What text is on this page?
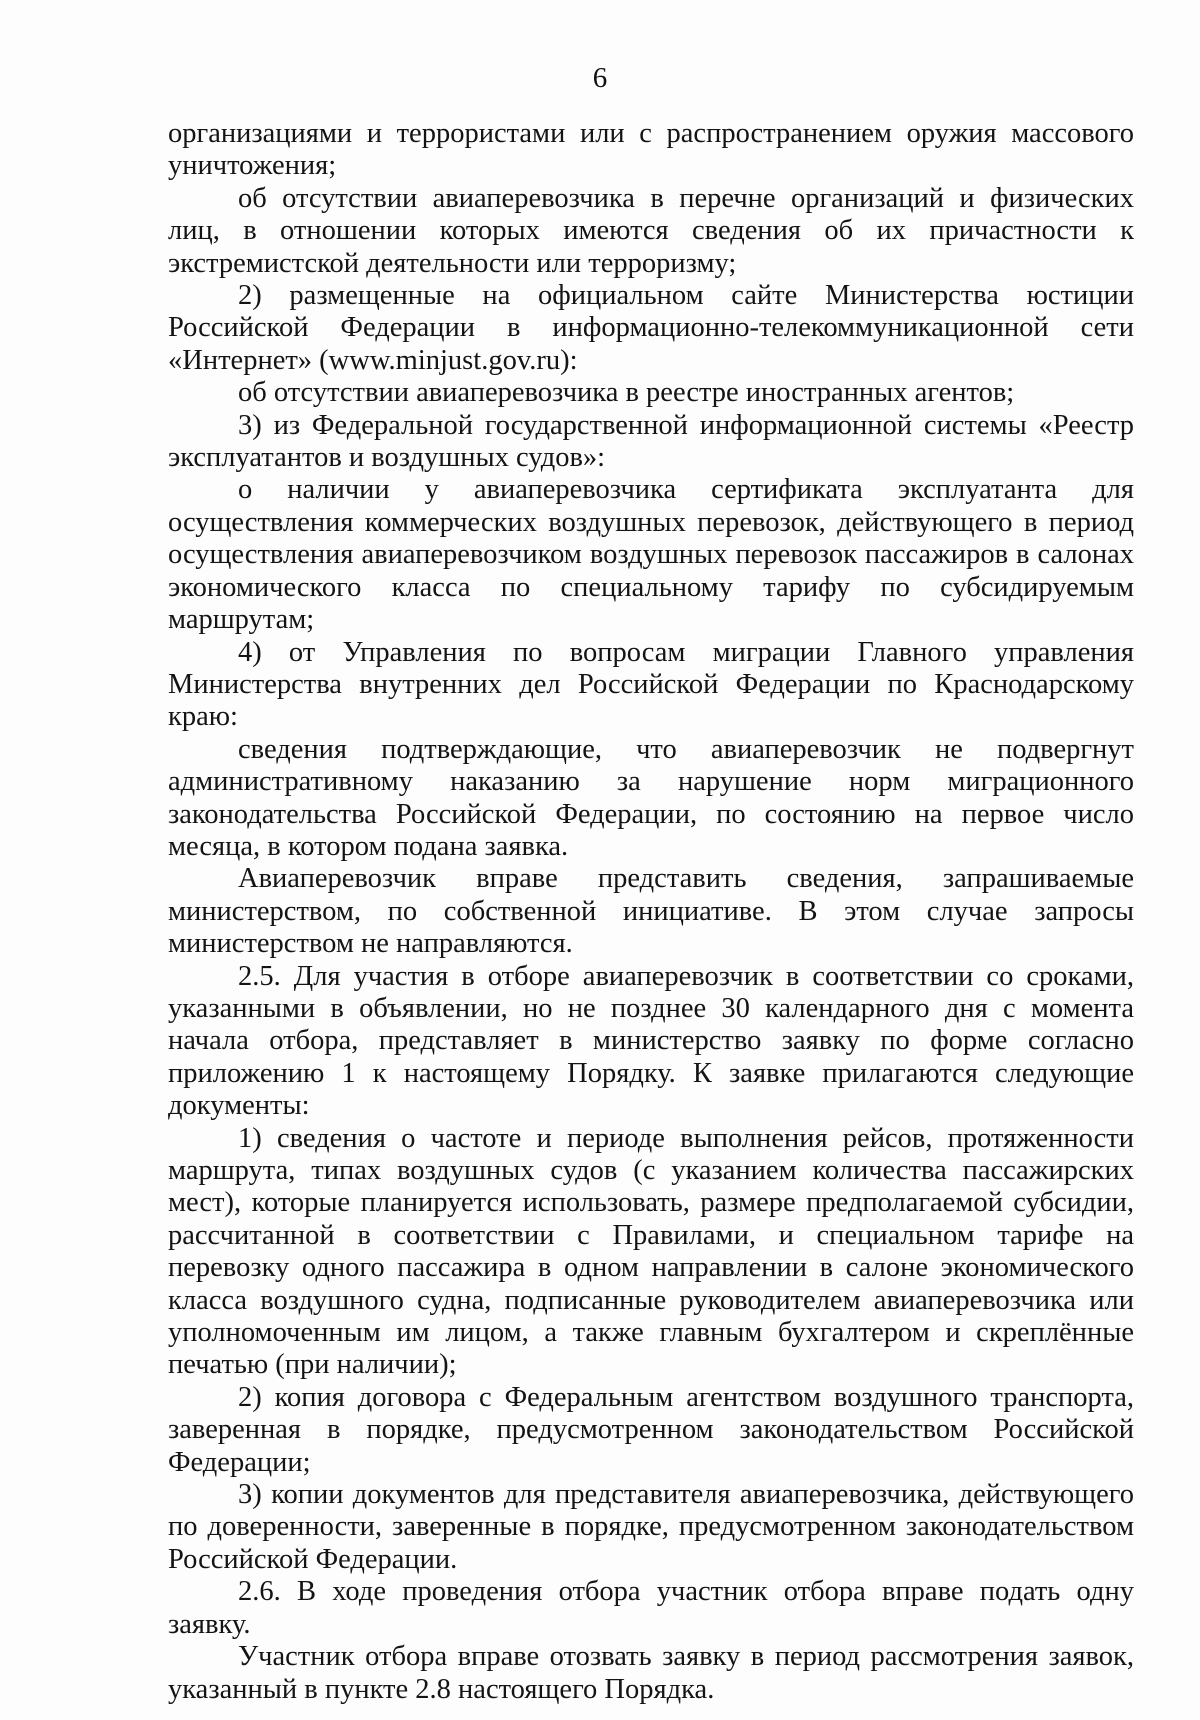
6

организациями и террористами или с распространением оружия массового уничтожения;

об отсутствии авиаперевозчика в перечне организаций и физических лиц, в отношении которых имеются сведения об их причастности к экстремистской деятельности или терроризму;

2) размещенные на официальном сайте Министерства юстиции Российской Федерации в информационно-телекоммуникационной сети «Интернет» (www.minjust.gov.ru):

об отсутствии авиаперевозчика в реестре иностранных агентов;

3) из Федеральной государственной информационной системы «Реестр эксплуатантов и воздушных судов»:

о наличии у авиаперевозчика сертификата эксплуатанта для осуществления коммерческих воздушных перевозок, действующего в период осуществления авиаперевозчиком воздушных перевозок пассажиров в салонах экономического класса по специальному тарифу по субсидируемым маршрутам;

4) от Управления по вопросам миграции Главного управления Министерства внутренних дел Российской Федерации по Краснодарскому краю:

сведения подтверждающие, что авиаперевозчик не подвергнут административному наказанию за нарушение норм миграционного законодательства Российской Федерации, по состоянию на первое число месяца, в котором подана заявка.

Авиаперевозчик вправе представить сведения, запрашиваемые министерством, по собственной инициативе. В этом случае запросы министерством не направляются.

2.5. Для участия в отборе авиаперевозчик в соответствии со сроками, указанными в объявлении, но не позднее 30 календарного дня с момента начала отбора, представляет в министерство заявку по форме согласно приложению 1 к настоящему Порядку. К заявке прилагаются следующие документы:

1) сведения о частоте и периоде выполнения рейсов, протяженности маршрута, типах воздушных судов (с указанием количества пассажирских мест), которые планируется использовать, размере предполагаемой субсидии, рассчитанной в соответствии с Правилами, и специальном тарифе на перевозку одного пассажира в одном направлении в салоне экономического класса воздушного судна, подписанные руководителем авиаперевозчика или уполномоченным им лицом, а также главным бухгалтером и скреплённые печатью (при наличии);

2) копия договора с Федеральным агентством воздушного транспорта, заверенная в порядке, предусмотренном законодательством Российской Федерации;

3) копии документов для представителя авиаперевозчика, действующего по доверенности, заверенные в порядке, предусмотренном законодательством Российской Федерации.

2.6. В ходе проведения отбора участник отбора вправе подать одну заявку.

Участник отбора вправе отозвать заявку в период рассмотрения заявок, указанный в пункте 2.8 настоящего Порядка.
